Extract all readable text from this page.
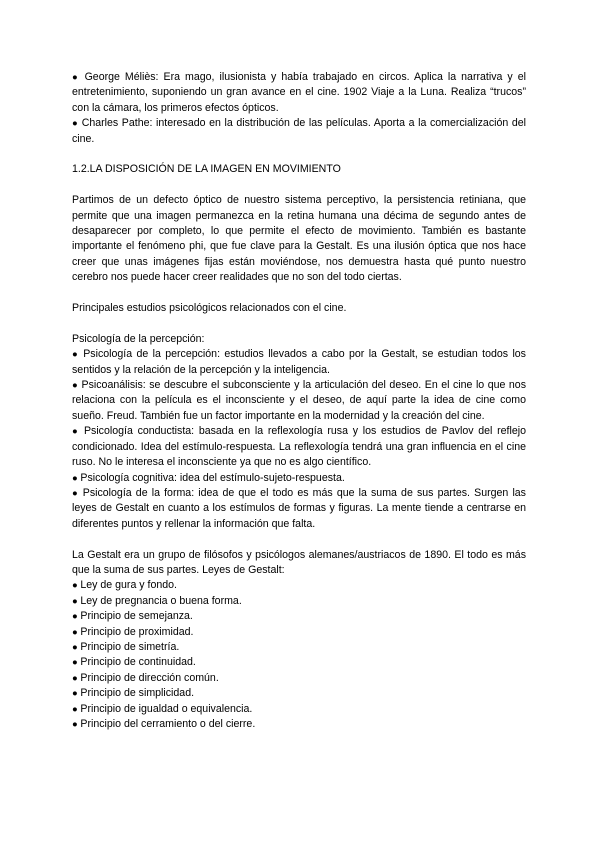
● George Méliès: Era mago, ilusionista y había trabajado en circos. Aplica la narrativa y el entretenimiento, suponiendo un gran avance en el cine. 1902 Viaje a la Luna. Realiza “trucos” con la cámara, los primeros efectos ópticos.
● Charles Pathe: interesado en la distribución de las películas. Aporta a la comercialización del cine.

1.2.LA DISPOSICIÓN DE LA IMAGEN EN MOVIMIENTO

Partimos de un defecto óptico de nuestro sistema perceptivo, la persistencia retiniana, que permite que una imagen permanezca en la retina humana una décima de segundo antes de desaparecer por completo, lo que permite el efecto de movimiento. También es bastante importante el fenómeno phi, que fue clave para la Gestalt. Es una ilusión óptica que nos hace creer que unas imágenes fijas están moviéndose, nos demuestra hasta qué punto nuestro cerebro nos puede hacer creer realidades que no son del todo ciertas.

Principales estudios psicológicos relacionados con el cine.

Psicología de la percepción:

● Psicología de la percepción: estudios llevados a cabo por la Gestalt, se estudian todos los sentidos y la relación de la percepción y la inteligencia.
● Psicoanálisis: se descubre el subconsciente y la articulación del deseo. En el cine lo que nos relaciona con la película es el inconsciente y el deseo, de aquí parte la idea de cine como sueño. Freud. También fue un factor importante en la modernidad y la creación del cine.
● Psicología conductista: basada en la reflexología rusa y los estudios de Pavlov del reflejo condicionado. Idea del estímulo-respuesta. La reflexología tendrá una gran influencia en el cine ruso. No le interesa el inconsciente ya que no es algo científico.
● Psicología cognitiva: idea del estímulo-sujeto-respuesta.
● Psicología de la forma: idea de que el todo es más que la suma de sus partes. Surgen las leyes de Gestalt en cuanto a los estímulos de formas y figuras. La mente tiende a centrarse en diferentes puntos y rellenar la información que falta.

La Gestalt era un grupo de filósofos y psicólogos alemanes/austriacos de 1890. El todo es más que la suma de sus partes. Leyes de Gestalt:

● Ley de gura y fondo.
● Ley de pregnancia o buena forma.
● Principio de semejanza.
● Principio de proximidad.
● Principio de simetría.
● Principio de continuidad.
● Principio de dirección común.
● Principio de simplicidad.
● Principio de igualdad o equivalencia.
● Principio del cerramiento o del cierre.
